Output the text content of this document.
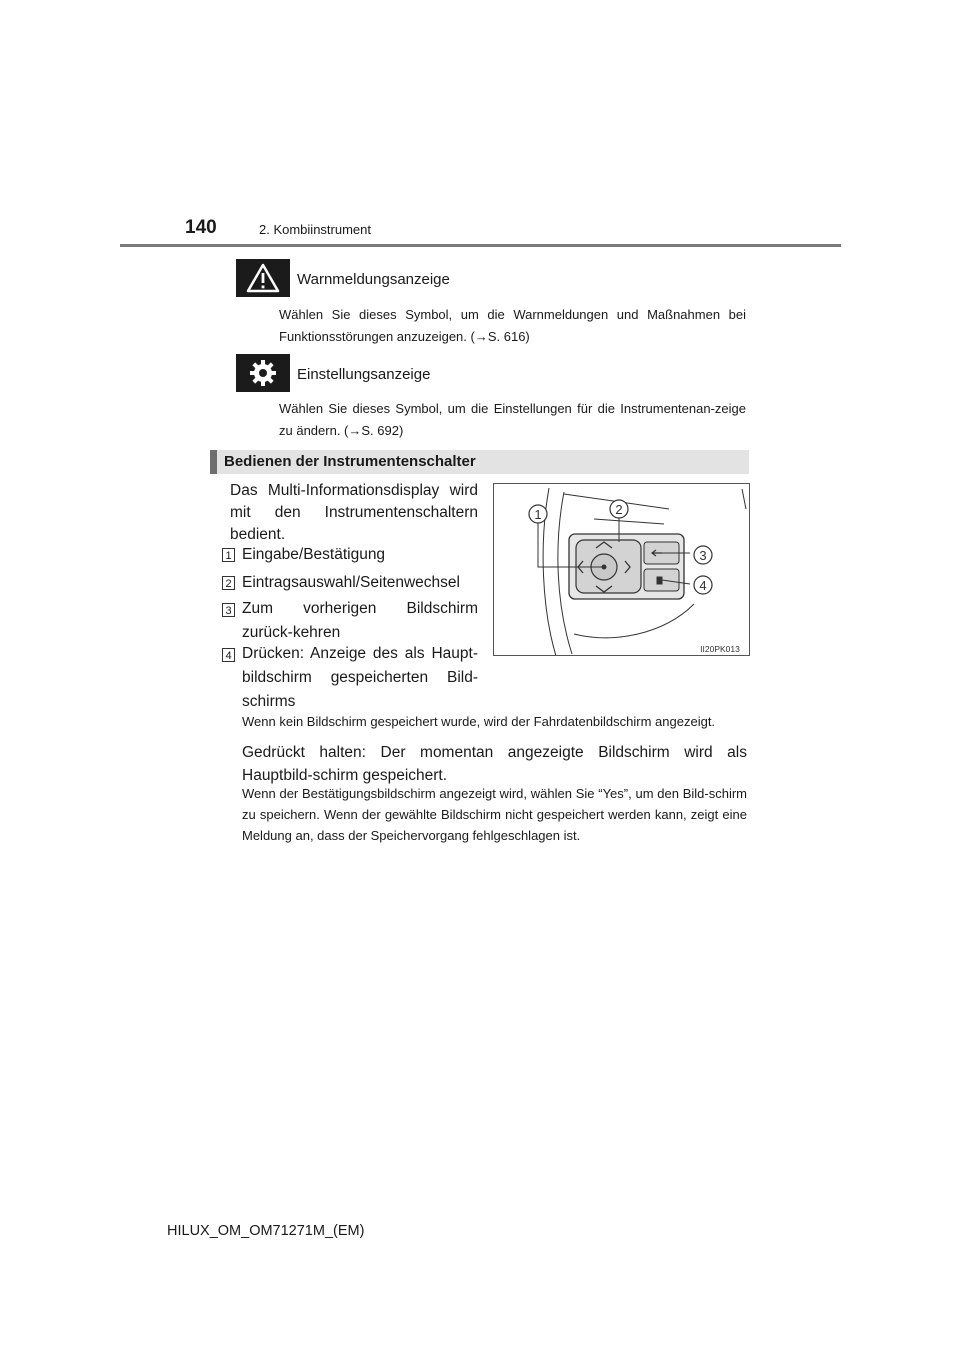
140	2. Kombiinstrument
Warnmeldungsanzeige
Wählen Sie dieses Symbol, um die Warnmeldungen und Maßnahmen bei Funktionsstörungen anzuzeigen. (→S. 616)
Einstellungsanzeige
Wählen Sie dieses Symbol, um die Einstellungen für die Instrumentenan-zeige zu ändern. (→S. 692)
Bedienen der Instrumentenschalter
Das Multi-Informationsdisplay wird mit den Instrumentenschaltern bedient.
1 Eingabe/Bestätigung
2 Eintragsauswahl/Seitenwechsel
3 Zum vorherigen Bildschirm zurück-kehren
4 Drücken: Anzeige des als Haupt-bildschirm gespeicherten Bild-schirms
Wenn kein Bildschirm gespeichert wurde, wird der Fahrdatenbildschirm angezeigt.
Gedrückt halten: Der momentan angezeigte Bildschirm wird als Hauptbild-schirm gespeichert.
Wenn der Bestätigungsbildschirm angezeigt wird, wählen Sie “Yes”, um den Bild-schirm zu speichern. Wenn der gewählte Bildschirm nicht gespeichert werden kann, zeigt eine Meldung an, dass der Speichervorgang fehlgeschlagen ist.
1	2
3
4
II20PK013
HILUX_OM_OM71271M_(EM)
